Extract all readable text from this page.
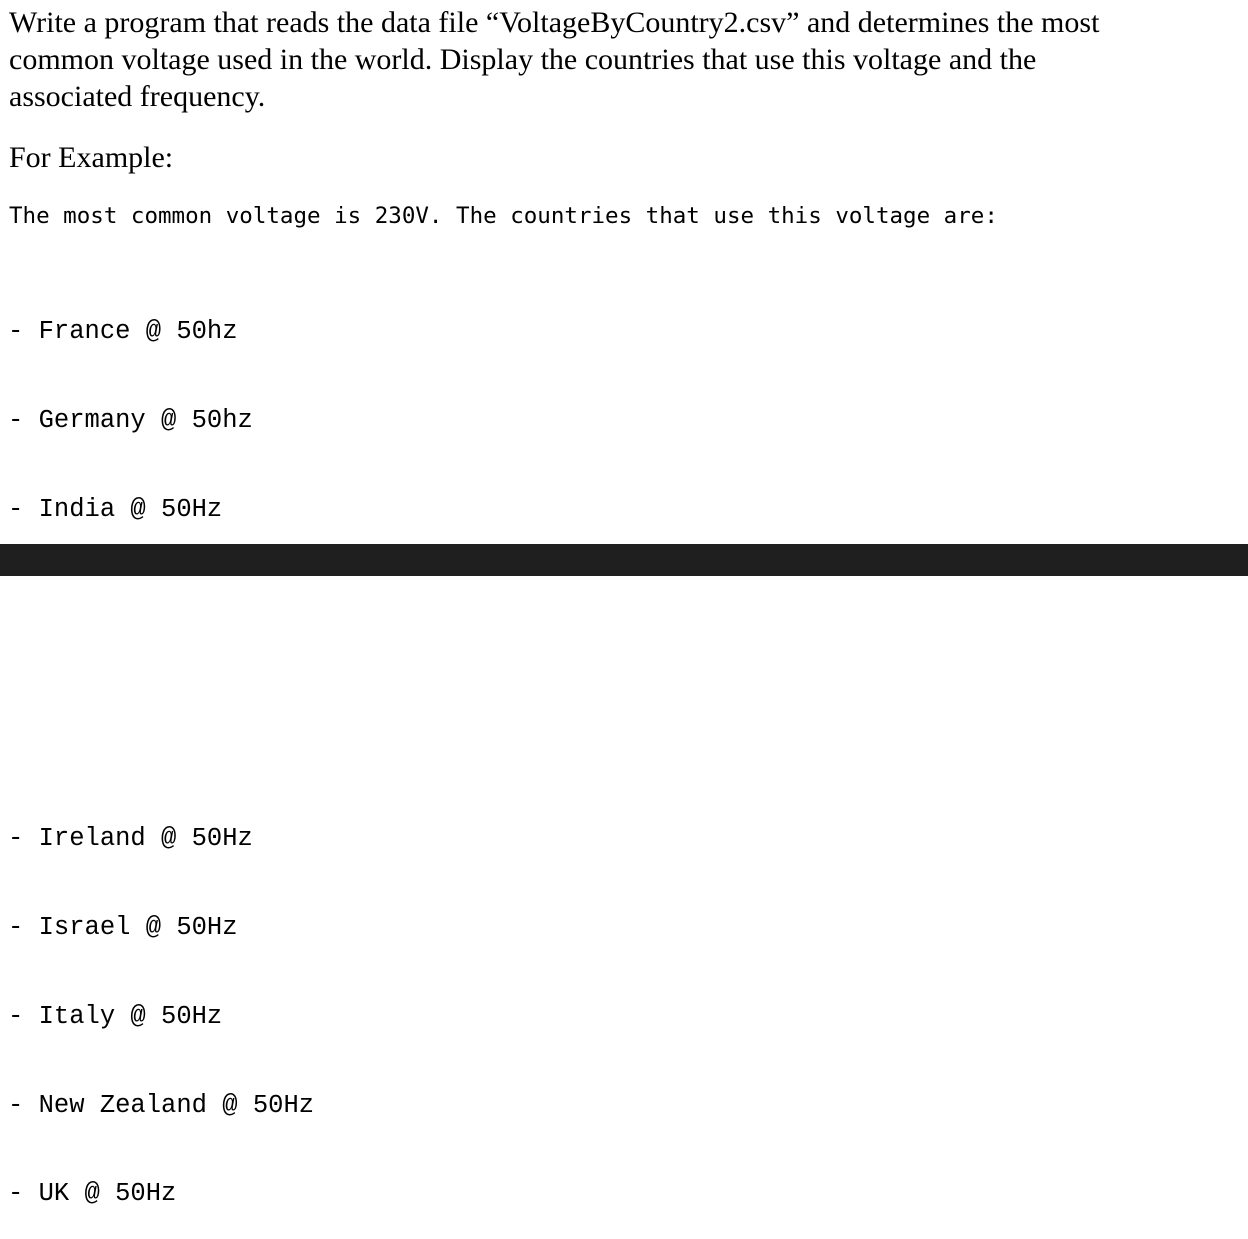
Write a program that reads the data file “VoltageByCountry2.csv” and determines the most
common voltage used in the world. Display the countries that use this voltage and the
associated frequency.

For Example:

The most common voltage is 230V. The countries that use this voltage are:

- France @ 50hz

- Germany @ 50hz

- India @ 50Hz

- Ireland @ 50Hz

- Israel @ 50Hz

- Italy @ 50Hz

- New Zealand @ 50Hz

- UK @ 50Hz
